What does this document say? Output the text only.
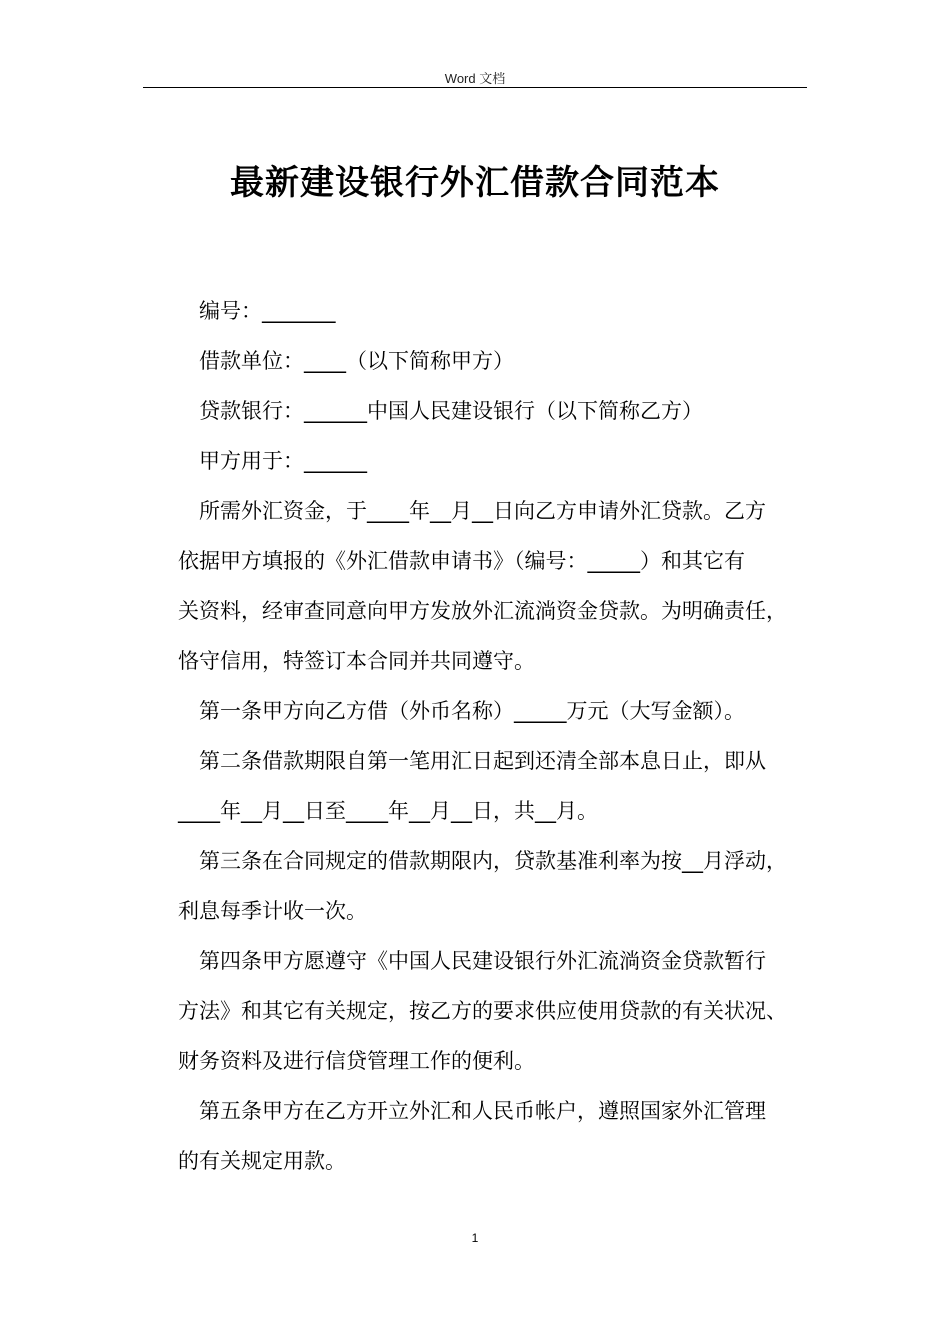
Word 文档
最新建设银行外汇借款合同范本
编号：_______
借款单位：____（以下简称甲方）
贷款银行：______中国人民建设银行（以下简称乙方）
甲方用于：______
所需外汇资金，于____年__月__日向乙方申请外汇贷款。乙方
依据甲方填报的《外汇借款申请书》（编号：_____）和其它有
关资料，经审查同意向甲方发放外汇流淌资金贷款。为明确责任，
恪守信用，特签订本合同并共同遵守。
第一条甲方向乙方借（外币名称）_____万元（大写金额）。
第二条借款期限自第一笔用汇日起到还清全部本息日止，即从
____年__月__日至____年__月__日，共__月。
第三条在合同规定的借款期限内，贷款基准利率为按__月浮动，
利息每季计收一次。
第四条甲方愿遵守《中国人民建设银行外汇流淌资金贷款暂行
方法》和其它有关规定，按乙方的要求供应使用贷款的有关状况、
财务资料及进行信贷管理工作的便利。
第五条甲方在乙方开立外汇和人民币帐户，遵照国家外汇管理
的有关规定用款。
1
